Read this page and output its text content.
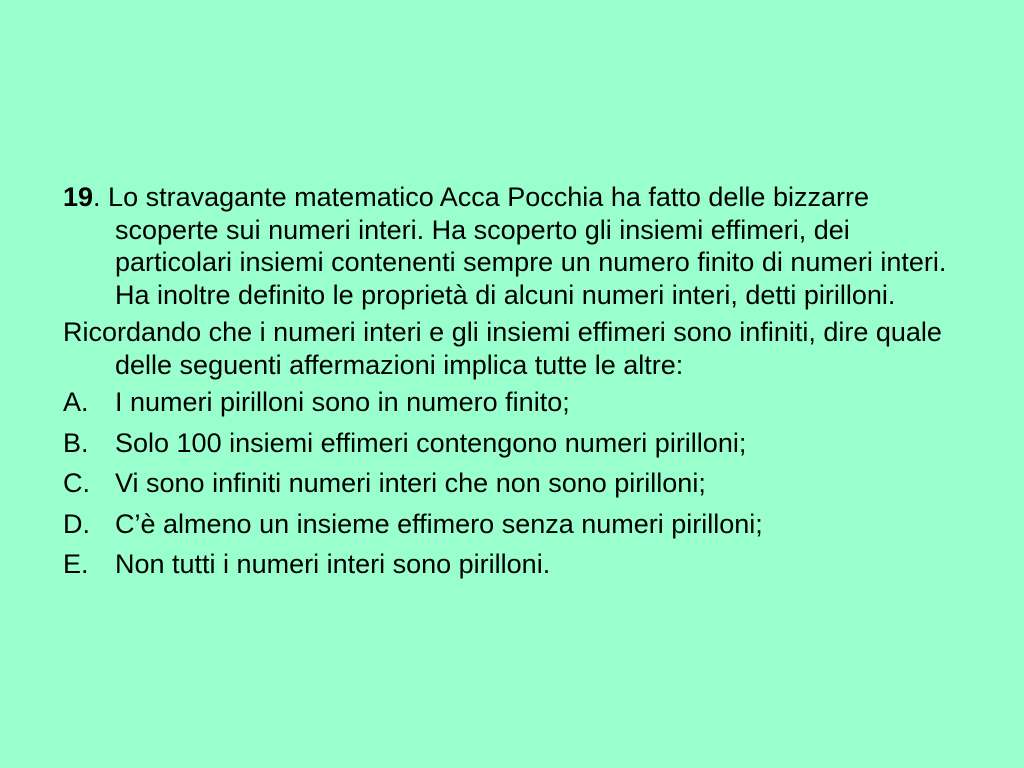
19. Lo stravagante matematico Acca Pocchia ha fatto delle bizzarre scoperte sui numeri interi. Ha scoperto gli insiemi effimeri, dei particolari insiemi contenenti sempre un numero finito di numeri interi. Ha inoltre definito le proprietà di alcuni numeri interi, detti pirilloni.

Ricordando che i numeri interi e gli insiemi effimeri sono infiniti, dire quale delle seguenti affermazioni implica tutte le altre:

A. I numeri pirilloni sono in numero finito;
B. Solo 100 insiemi effimeri contengono numeri pirilloni;
C. Vi sono infiniti numeri interi che non sono pirilloni;
D. C’è almeno un insieme effimero senza numeri pirilloni;
E. Non tutti i numeri interi sono pirilloni.
